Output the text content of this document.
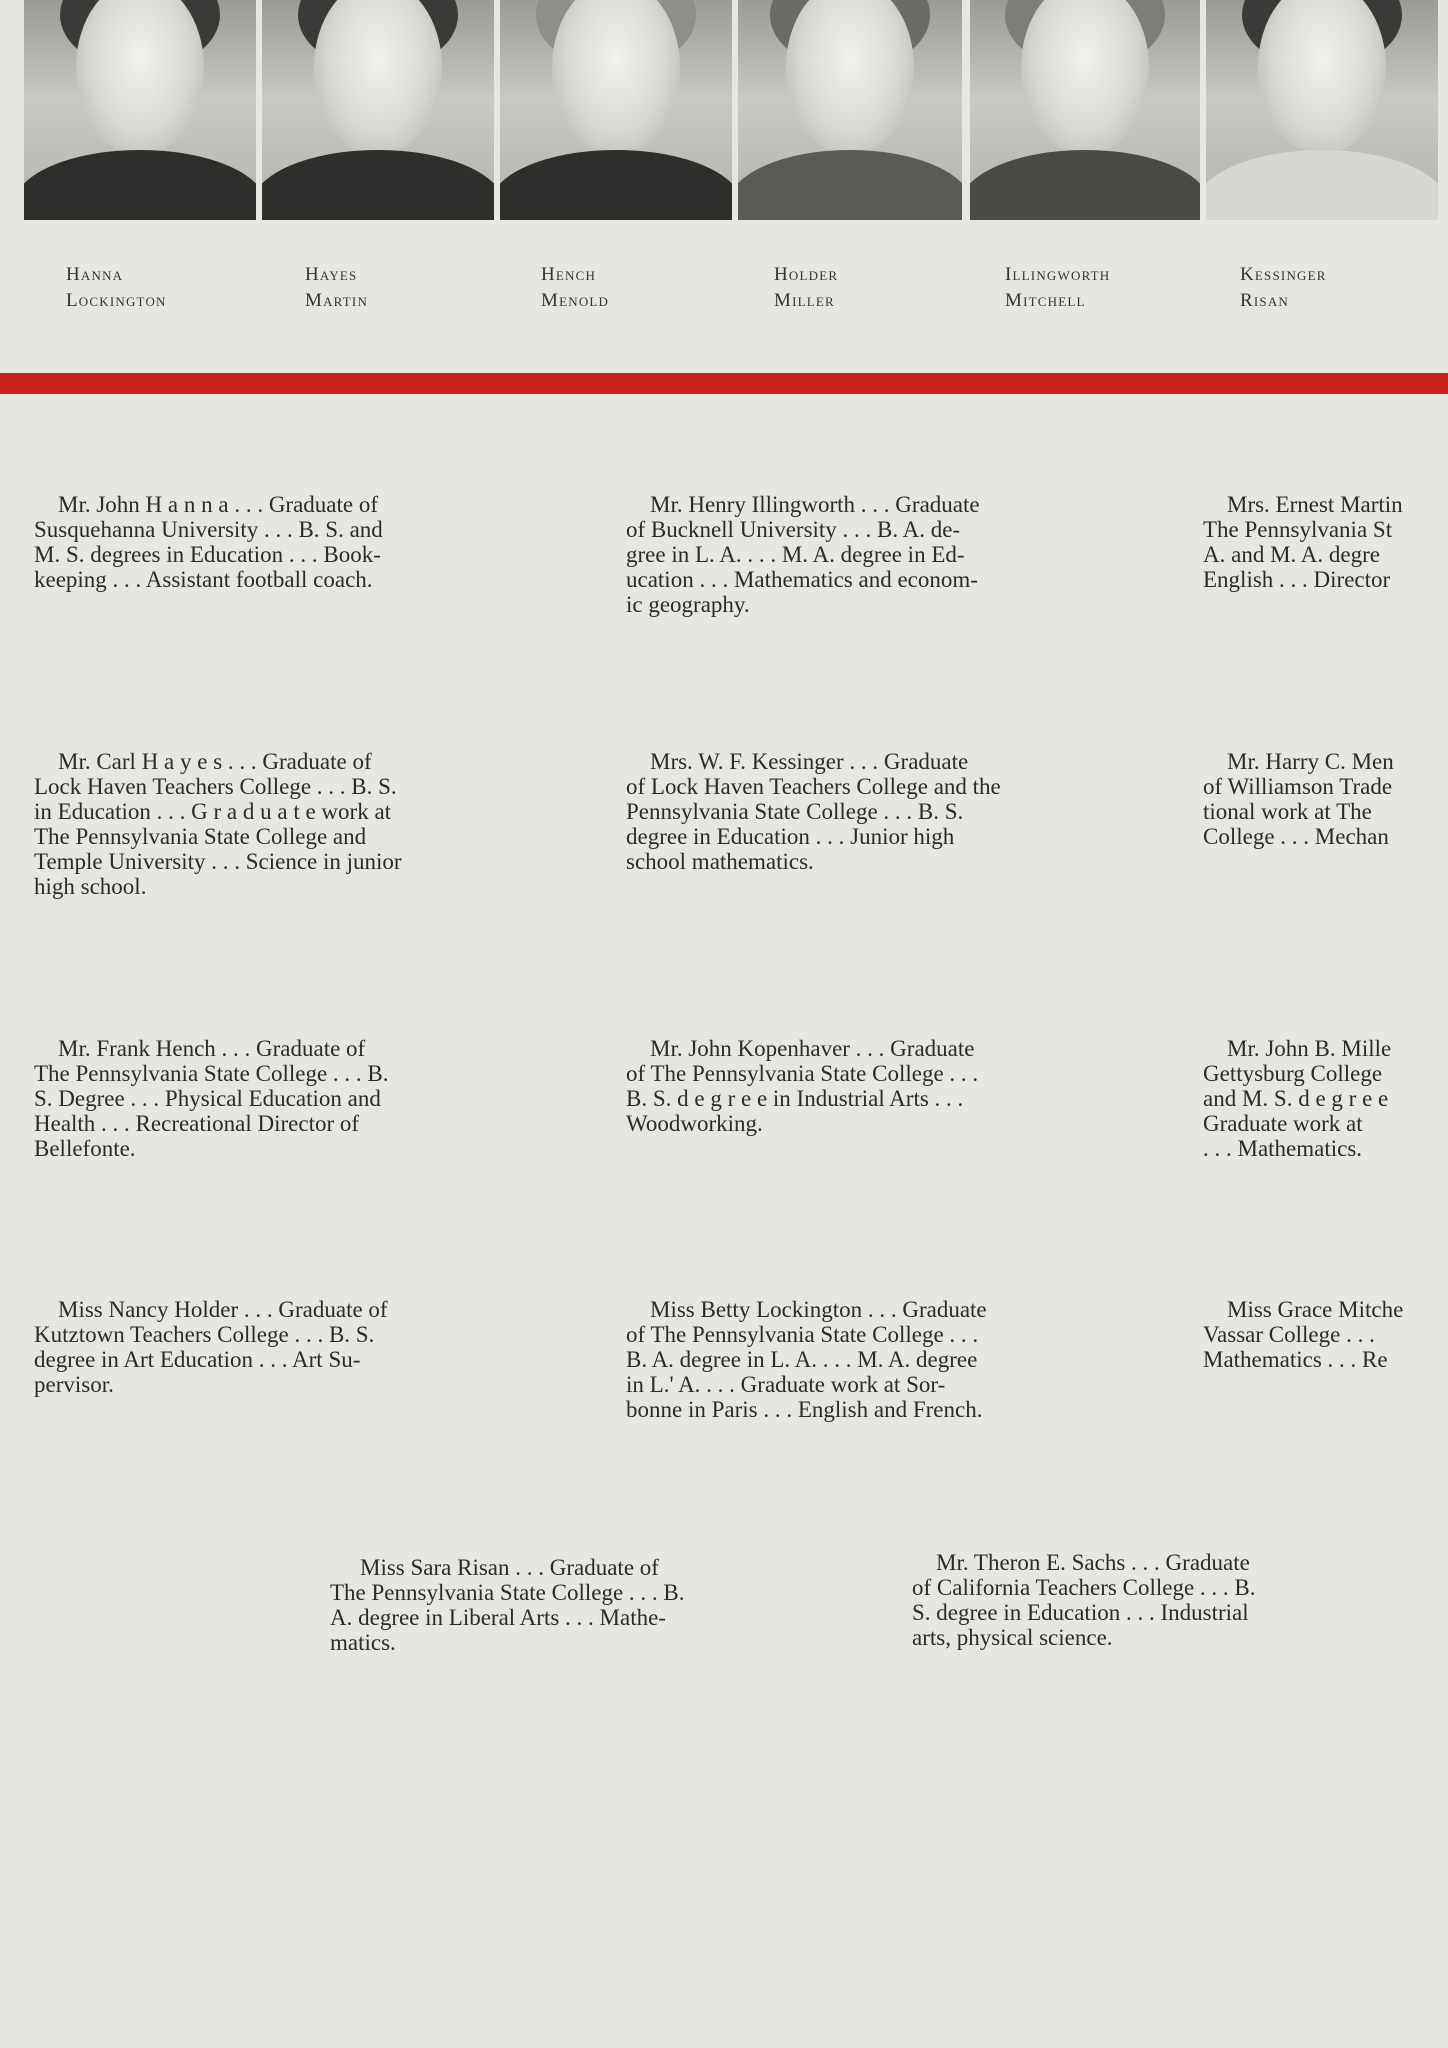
Hanna
Lockington
Hayes
Martin
Hench
Menold
Holder
Miller
Illingworth
Mitchell
Kessinger
Risan
Mr. John H a n n a . . . Graduate of
Susquehanna University . . . B. S. and
M. S. degrees in Education . . . Book-
keeping . . . Assistant football coach.
Mr. Carl H a y e s . . . Graduate of
Lock Haven Teachers College . . . B. S.
in Education . . . G r a d u a t e work at
The Pennsylvania State College and
Temple University . . . Science in junior
high school.
Mr. Frank Hench . . . Graduate of
The Pennsylvania State College . . . B.
S. Degree . . . Physical Education and
Health . . . Recreational Director of
Bellefonte.
Miss Nancy Holder . . . Graduate of
Kutztown Teachers College . . . B. S.
degree in Art Education . . . Art Su-
pervisor.
Mr. Henry Illingworth . . . Graduate
of Bucknell University . . . B. A. de-
gree in L. A. . . . M. A. degree in Ed-
ucation . . . Mathematics and econom-
ic geography.
Mrs. W. F. Kessinger . . . Graduate
of Lock Haven Teachers College and the
Pennsylvania State College . . . B. S.
degree in Education . . . Junior high
school mathematics.
Mr. John Kopenhaver . . . Graduate
of The Pennsylvania State College . . .
B. S. d e g r e e in Industrial Arts . . .
Woodworking.
Miss Betty Lockington . . . Graduate
of The Pennsylvania State College . . .
B. A. degree in L. A. . . . M. A. degree
in L.' A. . . . Graduate work at Sor-
bonne in Paris . . . English and French.
Mrs. Ernest Martin
The Pennsylvania St
A. and M. A. degre
English . . . Director
Mr. Harry C. Men
of Williamson Trade
tional work at The
College . . . Mechan
Mr. John B. Mille
Gettysburg College
and M. S. d e g r e e
Graduate work at
. . . Mathematics.
Miss Grace Mitche
Vassar College . . .
Mathematics . . . Re
Miss Sara Risan . . . Graduate of
The Pennsylvania State College . . . B.
A. degree in Liberal Arts . . . Mathe-
matics.
Mr. Theron E. Sachs . . . Graduate
of California Teachers College . . . B.
S. degree in Education . . . Industrial
arts, physical science.
